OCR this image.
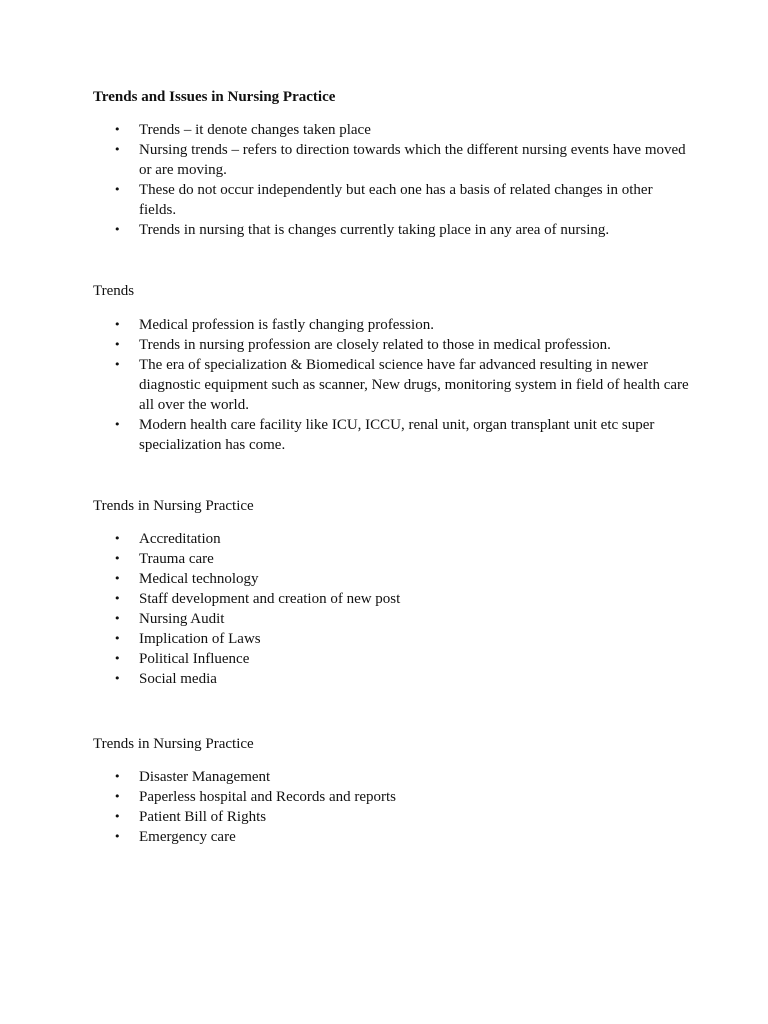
Trends and Issues in Nursing Practice
• Trends – it denote changes taken place
• Nursing trends – refers to direction towards which the different nursing events have moved or are moving.
• These do not occur independently but each one has a basis of related changes in other fields.
• Trends in nursing that is changes currently taking place in any area of nursing.
Trends
• Medical profession is fastly changing profession.
• Trends in nursing profession are closely related to those in medical profession.
• The era of specialization & Biomedical science have far advanced resulting in newer diagnostic equipment such as scanner, New drugs, monitoring system in field of health care all over the world.
• Modern health care facility like ICU, ICCU, renal unit, organ transplant unit etc super specialization has come.
Trends in Nursing Practice
• Accreditation
• Trauma care
• Medical technology
• Staff development and creation of new post
• Nursing Audit
• Implication of Laws
• Political Influence
• Social media
Trends in Nursing Practice
• Disaster Management
• Paperless hospital and Records and reports
• Patient Bill of Rights
• Emergency care
